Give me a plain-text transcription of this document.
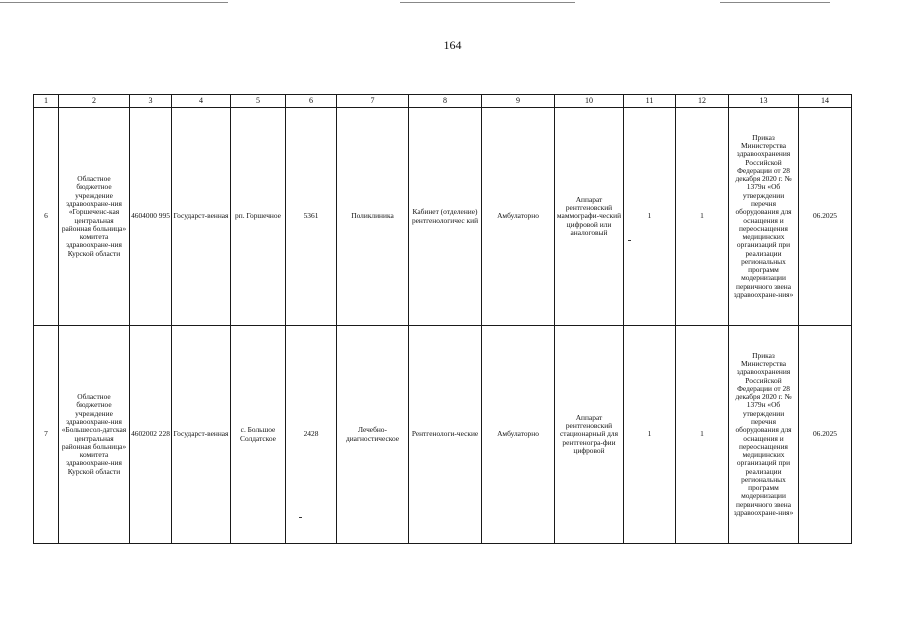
164
1	2	3	4	5	6	7	8	9	10	11	12	13	14
6	Областное бюджетное учреждение здравоохране-ния «Горшеченс-кая центральная районная больница» комитета здравоохране-ния Курской области	4604000 995	Государст-венная	рп. Горшечное	5361	Поликлиника	Кабинет (отделение) рентгенологичес кий	Амбулаторно	Аппарат рентгеновский маммографи-ческий цифровой или аналоговый	1	1	Приказ Министерства здравоохранения Российской Федерации от 28 декабря 2020 г. № 1379н «Об утверждении перечня оборудования для оснащения и переоснащения медицинских организаций при реализации региональных программ модернизации первичного звена здравоохране-ния»	06.2025
7	Областное бюджетное учреждение здравоохране-ния «Большесол-датская центральная районная больница» комитета здравоохране-ния Курской области	4602002 228	Государст-венная	с. Большое Солдатское	2428	Лечебно-диагностическое	Рентгенологи-ческие	Амбулаторно	Аппарат рентгеновский стационарный для рентгеногра-фии цифровой	1	1	Приказ Министерства здравоохранения Российской Федерации от 28 декабря 2020 г. № 1379н «Об утверждении перечня оборудования для оснащения и переоснащения медицинских организаций при реализации региональных программ модернизации первичного звена здравоохране-ния»	06.2025
